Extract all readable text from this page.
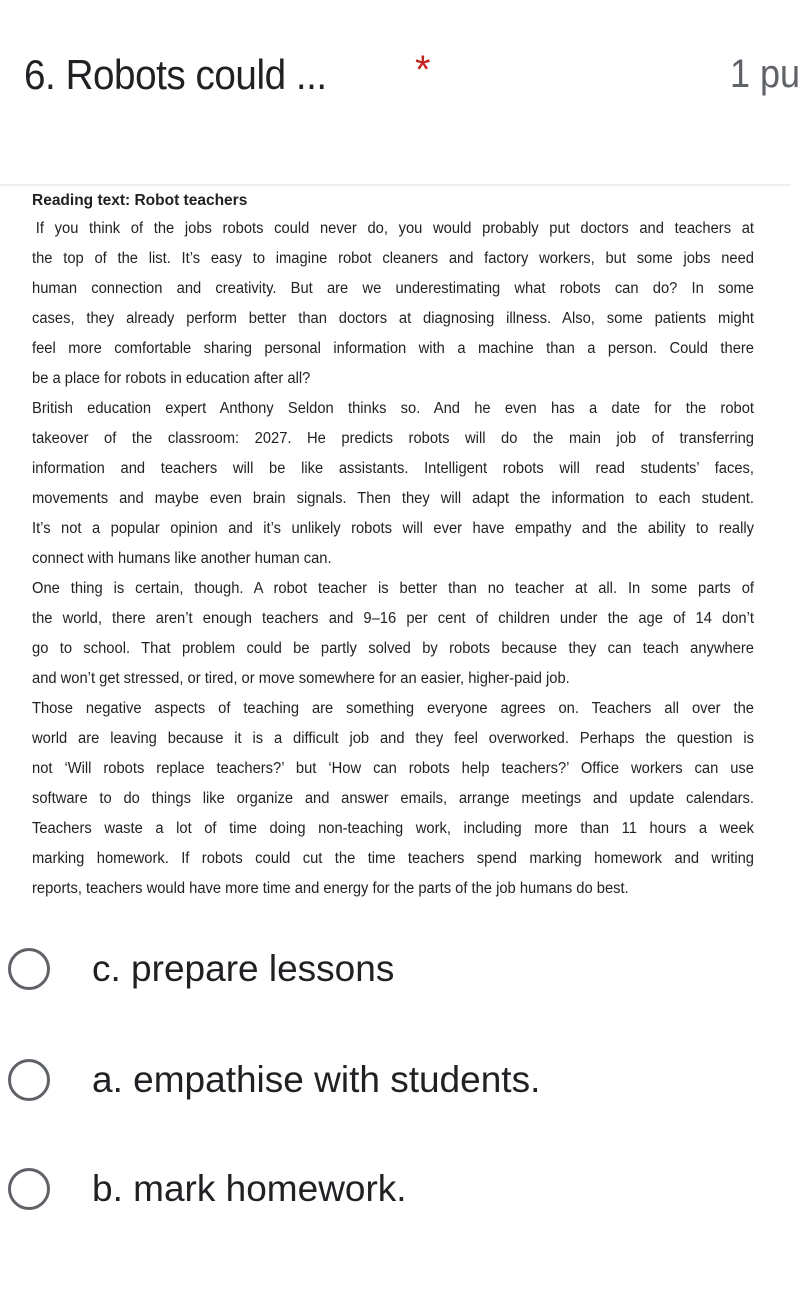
6. Robots could ... *	1 pu
Reading text: Robot teachers
If you think of the jobs robots could never do, you would probably put doctors and teachers at
the top of the list. It’s easy to imagine robot cleaners and factory workers, but some jobs need
human connection and creativity. But are we underestimating what robots can do? In some
cases, they already perform better than doctors at diagnosing illness. Also, some patients might
feel more comfortable sharing personal information with a machine than a person. Could there
be a place for robots in education after all?
British education expert Anthony Seldon thinks so. And he even has a date for the robot
takeover of the classroom: 2027. He predicts robots will do the main job of transferring
information and teachers will be like assistants. Intelligent robots will read students’ faces,
movements and maybe even brain signals. Then they will adapt the information to each student.
It’s not a popular opinion and it’s unlikely robots will ever have empathy and the ability to really
connect with humans like another human can.
One thing is certain, though. A robot teacher is better than no teacher at all. In some parts of
the world, there aren’t enough teachers and 9–16 per cent of children under the age of 14 don’t
go to school. That problem could be partly solved by robots because they can teach anywhere
and won’t get stressed, or tired, or move somewhere for an easier, higher-paid job.
Those negative aspects of teaching are something everyone agrees on. Teachers all over the
world are leaving because it is a difficult job and they feel overworked. Perhaps the question is
not ‘Will robots replace teachers?’ but ‘How can robots help teachers?’ Office workers can use
software to do things like organize and answer emails, arrange meetings and update calendars.
Teachers waste a lot of time doing non-teaching work, including more than 11 hours a week
marking homework. If robots could cut the time teachers spend marking homework and writing
reports, teachers would have more time and energy for the parts of the job humans do best.
c. prepare lessons
a. empathise with students.
b. mark homework.
